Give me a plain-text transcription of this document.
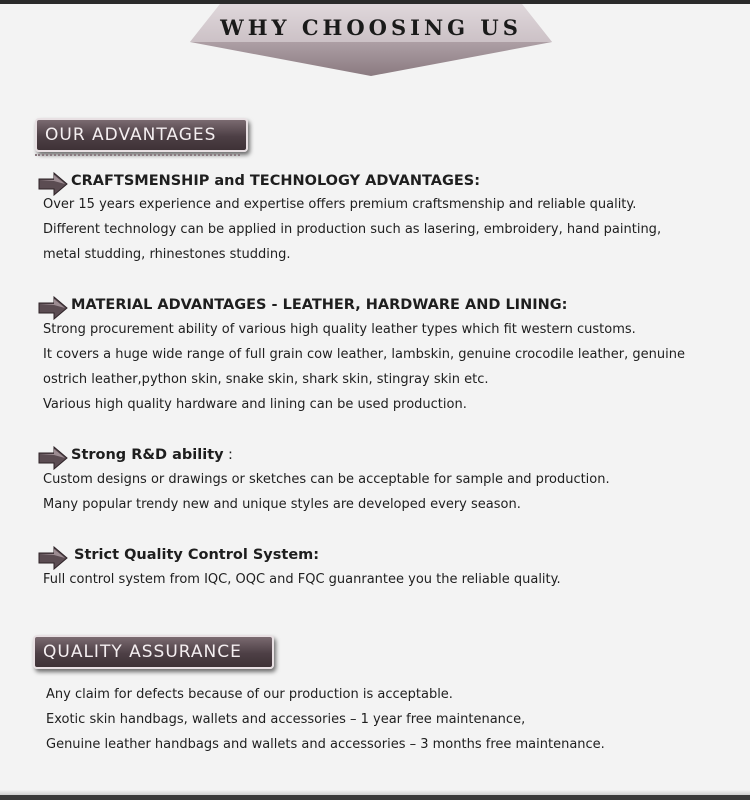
WHY CHOOSING US
OUR ADVANTAGES
CRAFTSMENSHIP and TECHNOLOGY ADVANTAGES:
Over 15 years experience and expertise offers premium craftsmenship and reliable quality.
Different technology can be applied in production such as lasering, embroidery, hand painting,
metal studding, rhinestones studding.
MATERIAL ADVANTAGES - LEATHER, HARDWARE AND LINING:
Strong procurement ability of various high quality leather types which fit western customs.
It covers a huge wide range of full grain cow leather, lambskin, genuine crocodile leather, genuine
ostrich leather,python skin, snake skin, shark skin, stingray skin etc.
Various high quality hardware and lining can be used production.
Strong R&D ability :
Custom designs or drawings or sketches can be acceptable for sample and production.
Many popular trendy new and unique styles are developed every season.
Strict Quality Control System:
Full control system from IQC, OQC and FQC guanrantee you the reliable quality.
QUALITY ASSURANCE
Any claim for defects because of our production is acceptable.
Exotic skin handbags, wallets and accessories – 1 year free maintenance,
Genuine leather handbags and wallets and accessories – 3 months free maintenance.
